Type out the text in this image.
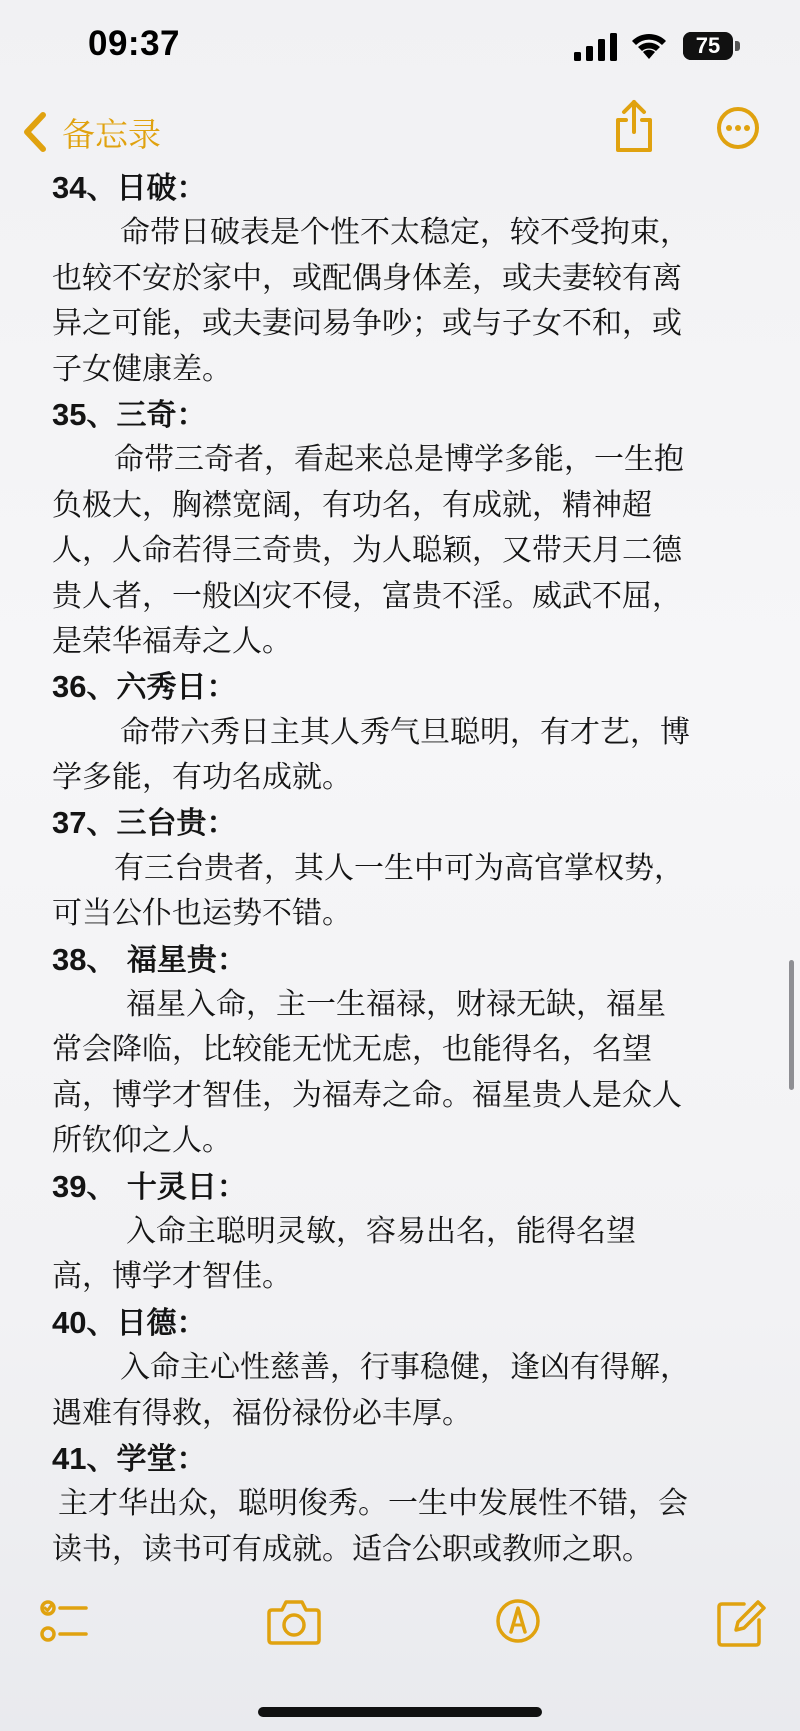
09:37	75
备忘录
34、日破：
命带日破表是个性不太稳定，较不受拘束，
也较不安於家中，或配偶身体差，或夫妻较有离
异之可能，或夫妻问易争吵；或与子女不和，或
子女健康差。
35、三奇：
命带三奇者，看起来总是博学多能，一生抱
负极大，胸襟宽阔，有功名，有成就，精神超
人，人命若得三奇贵，为人聪颖，又带天月二德
贵人者，一般凶灾不侵，富贵不淫。威武不屈，
是荣华福寿之人。
36、六秀日：
命带六秀日主其人秀气旦聪明，有才艺，博
学多能，有功名成就。
37、三台贵：
有三台贵者，其人一生中可为高官掌权势，
可当公仆也运势不错。
38、 福星贵：
福星入命，主一生福禄，财禄无缺，福星
常会降临，比较能无忧无虑，也能得名，名望
高，博学才智佳，为福寿之命。福星贵人是众人
所钦仰之人。
39、 十灵日：
入命主聪明灵敏，容易出名，能得名望
高，博学才智佳。
40、日德：
入命主心性慈善，行事稳健，逢凶有得解，
遇难有得救，福份禄份必丰厚。
41、学堂：
主才华出众，聪明俊秀。一生中发展性不错，会
读书，读书可有成就。适合公职或教师之职。
